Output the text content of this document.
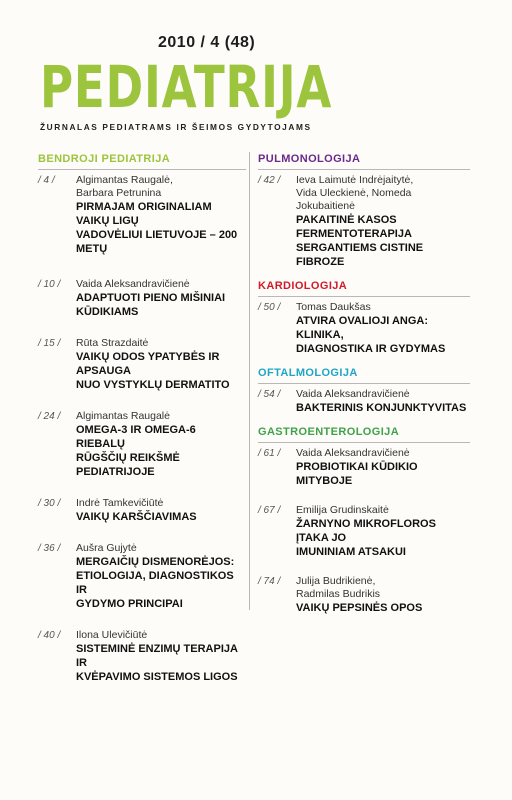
2010 / 4 (48)
PEDIATRIJA
ŽURNALAS PEDIATRAMS IR ŠEIMOS GYDYTOJAMS
BENDROJI PEDIATRIJA
/ 4 / Algimantas Raugalė,
Barbara Petrunina
PIRMAJAM ORIGINALIAM VAIKŲ LIGŲ
VADOVĖLIUI LIETUVOJE – 200 METŲ
/ 10 / Vaida Aleksandravičienė
ADAPTUOTI PIENO MIŠINIAI
KŪDIKIAMS
/ 15 / Rūta Strazdaitė
VAIKŲ ODOS YPATYBĖS IR APSAUGA
NUO VYSTYKLŲ DERMATITO
/ 24 / Algimantas Raugalė
OMEGA-3 IR OMEGA-6 RIEBALŲ
RŪGŠČIŲ REIKŠMĖ PEDIATRIJOJE
/ 30 / Indrė Tamkevičiūtė
VAIKŲ KARŠČIAVIMAS
/ 36 / Aušra Gujytė
MERGAIČIŲ DISMENORĖJOS:
ETIOLOGIJA, DIAGNOSTIKOS IR
GYDYMO PRINCIPAI
/ 40 / Ilona Ulevičiūtė
SISTEMINĖ ENZIMŲ TERAPIJA IR
KVĖPAVIMO SISTEMOS LIGOS
PULMONOLOGIJA
/ 42 / Ieva Laimutė Indrėjaitytė,
Vida Uleckienė, Nomeda Jokubaitienė
PAKAITINĖ KASOS FERMENTOTERAPIJA
SERGANTIEMS CISTINE FIBROZE
KARDIOLOGIJA
/ 50 / Tomas Daukšas
ATVIRA OVALIOJI ANGA: KLINIKA,
DIAGNOSTIKA IR GYDYMAS
OFTALMOLOGIJA
/ 54 / Vaida Aleksandravičienė
BAKTERINIS KONJUNKTYVITAS
GASTROENTEROLOGIJA
/ 61 / Vaida Aleksandravičienė
PROBIOTIKAI KŪDIKIO MITYBOJE
/ 67 / Emilija Grudinskaitė
ŽARNYNO MIKROFLOROS ĮTAKA JO
IMUNINIAM ATSAKUI
/ 74 / Julija Budrikienė,
Radmilas Budrikis
VAIKŲ PEPSINĖS OPOS
